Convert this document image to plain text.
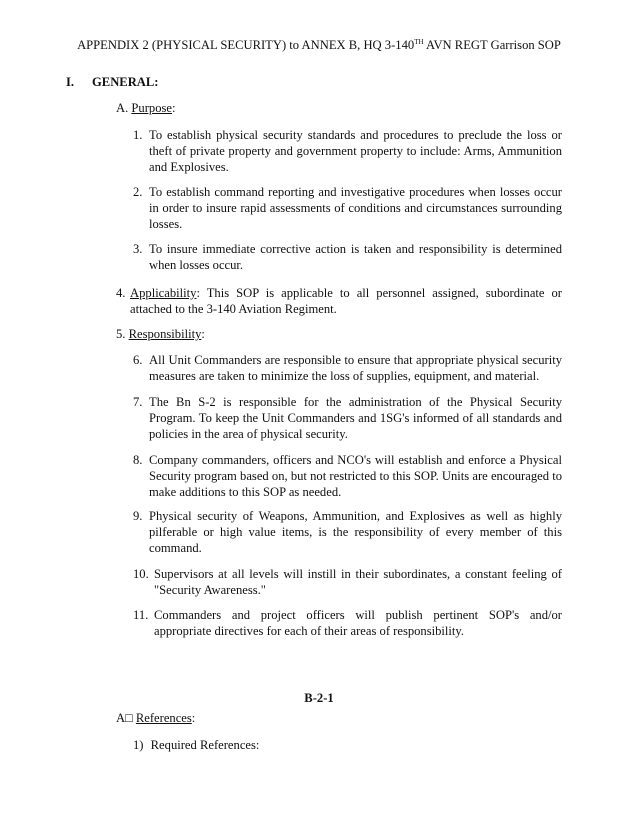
APPENDIX 2 (PHYSICAL SECURITY) to ANNEX B, HQ 3-140TH AVN REGT Garrison SOP
I. GENERAL:
A. Purpose:
1. To establish physical security standards and procedures to preclude the loss or theft of private property and government property to include: Arms, Ammunition and Explosives.
2. To establish command reporting and investigative procedures when losses occur in order to insure rapid assessments of conditions and circumstances surrounding losses.
3. To insure immediate corrective action is taken and responsibility is determined when losses occur.
4. Applicability: This SOP is applicable to all personnel assigned, subordinate or attached to the 3-140 Aviation Regiment.
5. Responsibility:
6. All Unit Commanders are responsible to ensure that appropriate physical security measures are taken to minimize the loss of supplies, equipment, and material.
7. The Bn S-2 is responsible for the administration of the Physical Security Program. To keep the Unit Commanders and 1SG's informed of all standards and policies in the area of physical security.
8. Company commanders, officers and NCO's will establish and enforce a Physical Security program based on, but not restricted to this SOP. Units are encouraged to make additions to this SOP as needed.
9. Physical security of Weapons, Ammunition, and Explosives as well as highly pilferable or high value items, is the responsibility of every member of this command.
10. Supervisors at all levels will instill in their subordinates, a constant feeling of "Security Awareness."
11. Commanders and project officers will publish pertinent SOP's and/or appropriate directives for each of their areas of responsibility.
B-2-1
A□ References:
1) Required References:
